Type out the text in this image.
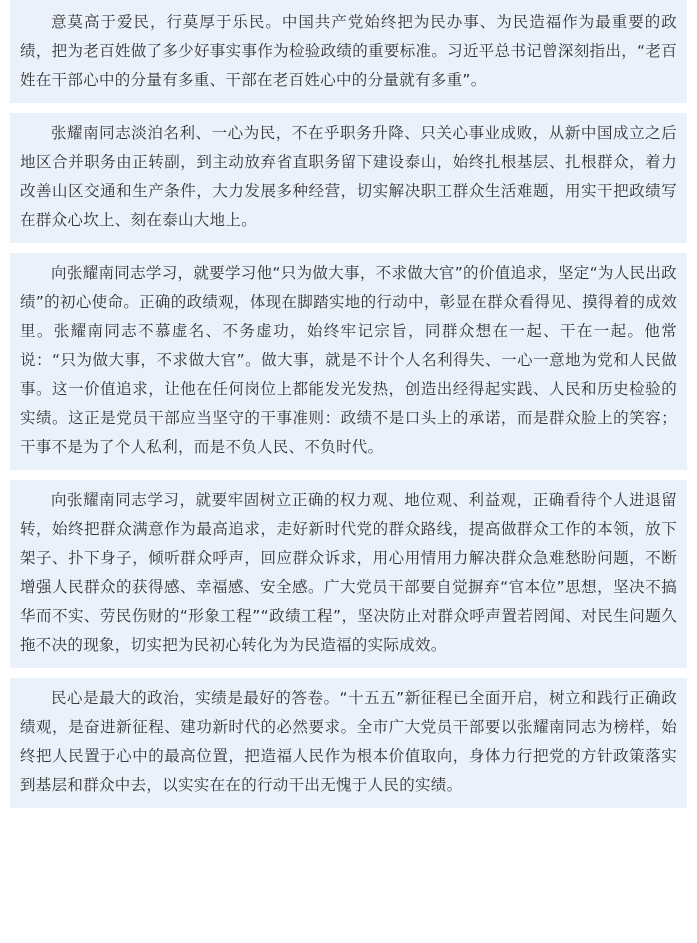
意莫高于爱民，行莫厚于乐民。中国共产党始终把为民办事、为民造福作为最重要的政绩，把为老百姓做了多少好事实事作为检验政绩的重要标准。习近平总书记曾深刻指出，“老百姓在干部心中的分量有多重、干部在老百姓心中的分量就有多重”。

张耀南同志淡泊名利、一心为民，不在乎职务升降、只关心事业成败，从新中国成立之后地区合并职务由正转副，到主动放弃省直职务留下建设泰山，始终扎根基层、扎根群众，着力改善山区交通和生产条件，大力发展多种经营，切实解决职工群众生活难题，用实干把政绩写在群众心坎上、刻在泰山大地上。

向张耀南同志学习，就要学习他“只为做大事，不求做大官”的价值追求，坚定“为人民出政绩”的初心使命。正确的政绩观，体现在脚踏实地的行动中，彰显在群众看得见、摸得着的成效里。张耀南同志不慕虚名、不务虚功，始终牢记宗旨，同群众想在一起、干在一起。他常说：“只为做大事，不求做大官”。做大事，就是不计个人名利得失、一心一意地为党和人民做事。这一价值追求，让他在任何岗位上都能发光发热，创造出经得起实践、人民和历史检验的实绩。这正是党员干部应当坚守的干事准则：政绩不是口头上的承诺，而是群众脸上的笑容；干事不是为了个人私利，而是不负人民、不负时代。

向张耀南同志学习，就要牢固树立正确的权力观、地位观、利益观，正确看待个人进退留转，始终把群众满意作为最高追求，走好新时代党的群众路线，提高做群众工作的本领，放下架子、扑下身子，倾听群众呼声，回应群众诉求，用心用情用力解决群众急难愁盼问题，不断增强人民群众的获得感、幸福感、安全感。广大党员干部要自觉摒弃“官本位”思想，坚决不搞华而不实、劳民伤财的“形象工程”“政绩工程”，坚决防止对群众呼声置若罔闻、对民生问题久拖不决的现象，切实把为民初心转化为为民造福的实际成效。

民心是最大的政治，实绩是最好的答卷。“十五五”新征程已全面开启，树立和践行正确政绩观，是奋进新征程、建功新时代的必然要求。全市广大党员干部要以张耀南同志为榜样，始终把人民置于心中的最高位置，把造福人民作为根本价值取向，身体力行把党的方针政策落实到基层和群众中去，以实实在在的行动干出无愧于人民的实绩。
